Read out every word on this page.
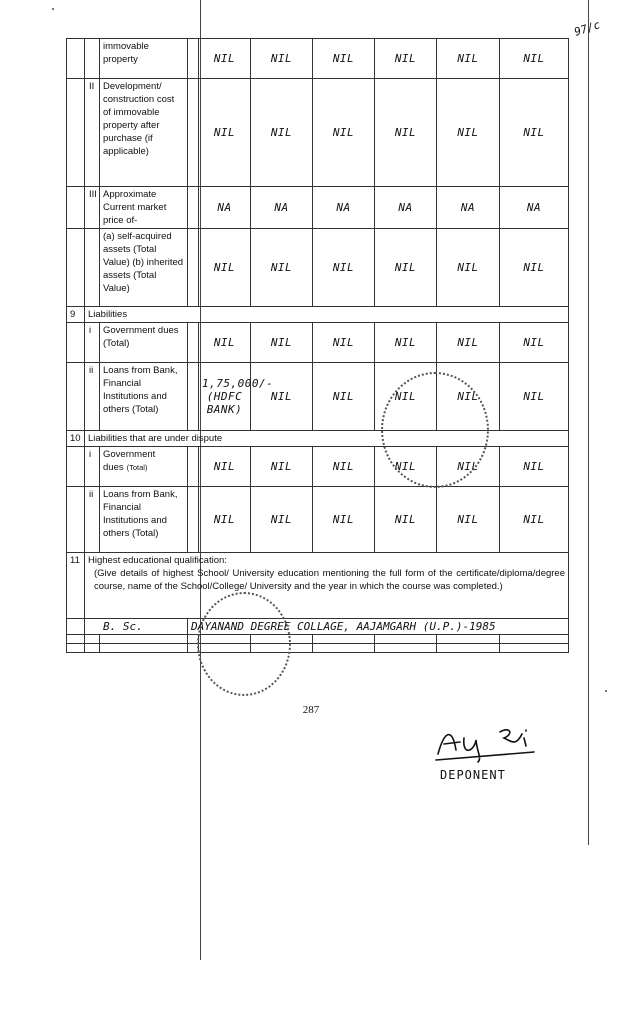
97/c
		immovable property		NIL	NIL	NIL	NIL	NIL	NIL
	II	Development/ construction cost of immovable property after purchase (if applicable)		NIL	NIL	NIL	NIL	NIL	NIL
	III	Approximate Current market price of-		NA	NA	NA	NA	NA	NA
		(a) self-acquired assets (Total Value) (b) inherited assets (Total Value)		NIL	NIL	NIL	NIL	NIL	NIL
9	Liabilities								
	i	Government dues (Total)		NIL	NIL	NIL	NIL	NIL	NIL
	ii	Loans from Bank, Financial Institutions and others (Total)		1,75,000/- (HDFC BANK)	NIL	NIL	NIL	NIL	NIL
10	Liabilities that are under dispute								
	i	Government dues (Total)		NIL	NIL	NIL	NIL	NIL	NIL
	ii	Loans from Bank, Financial Institutions and others (Total)		NIL	NIL	NIL	NIL	NIL	NIL
11	Highest educational qualification:
(Give details of highest School/ University education mentioning the full form of the certificate/diploma/degree course, name of the School/College/ University and the year in which the course was completed.)								

	B. Sc.		DAYANAND DEGREE COLLAGE, AAJAMGARH (U.P.)-1985						

287
DEPONENT
